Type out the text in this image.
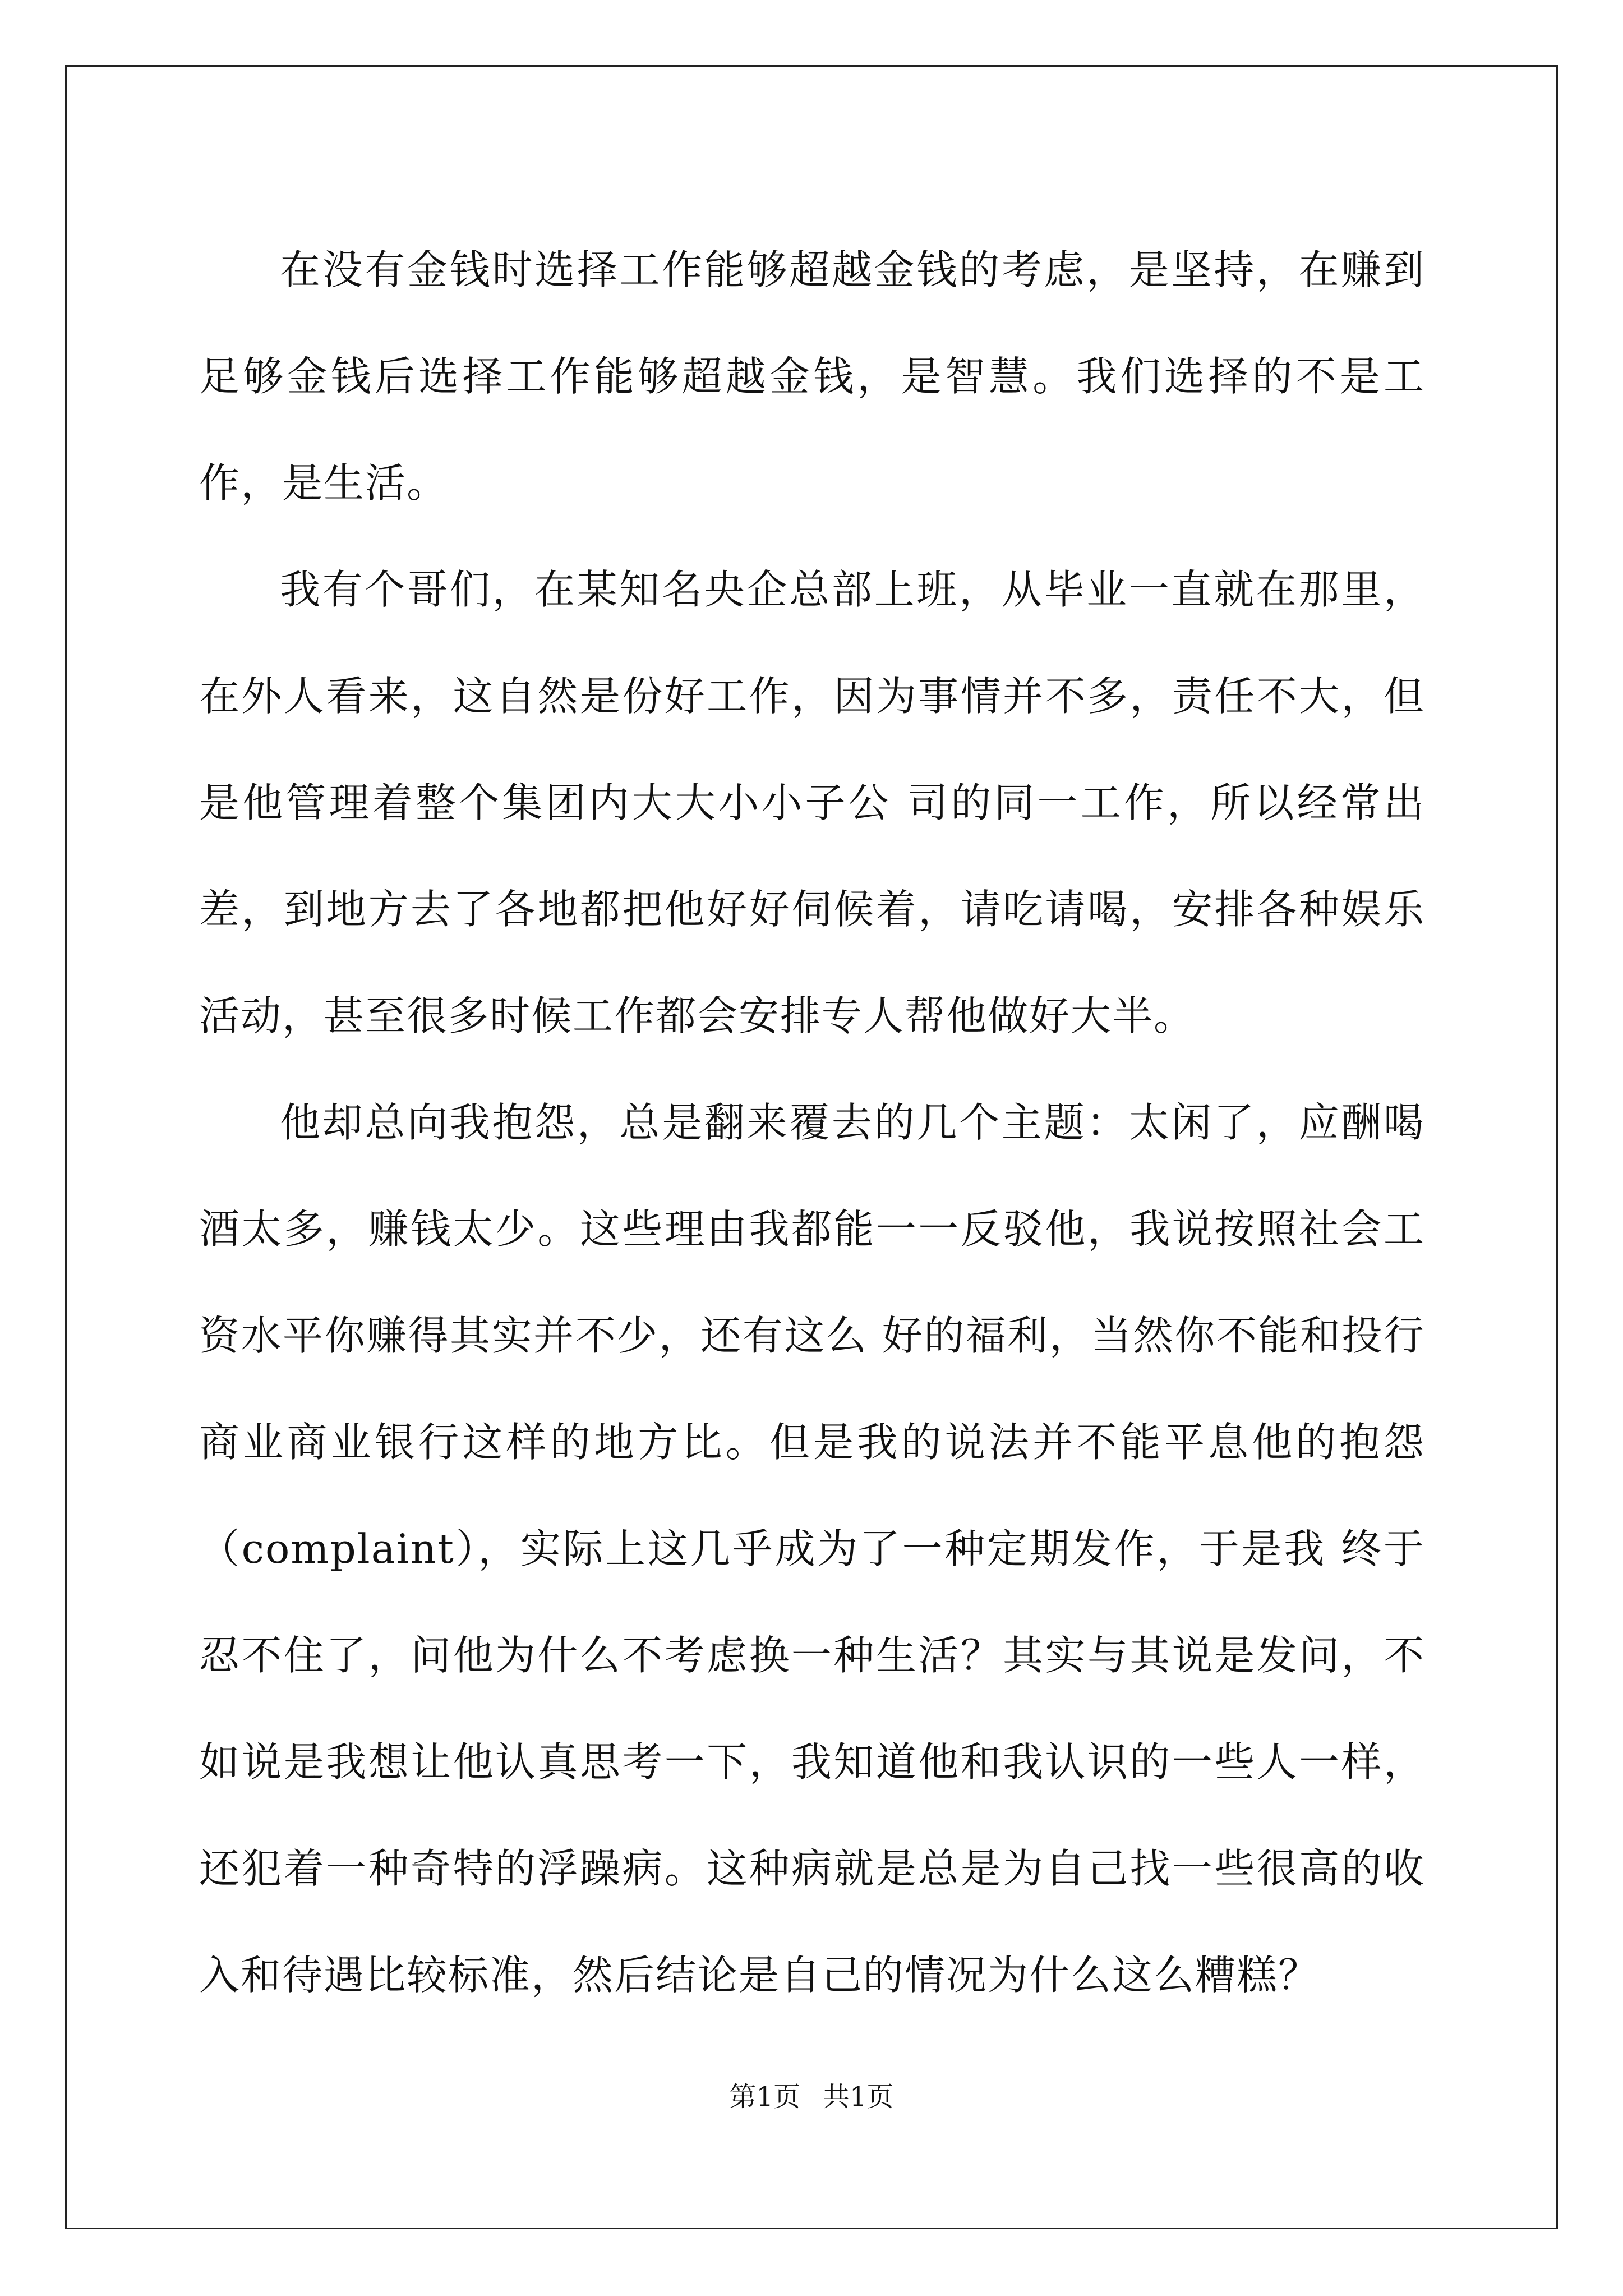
在没有金钱时选择工作能够超越金钱的考虑，是坚持，在赚到足够金钱后选择工作能够超越金钱，是智慧。我们选择的不是工作，是生活。

我有个哥们，在某知名央企总部上班，从毕业一直就在那里，在外人看来，这自然是份好工作，因为事情并不多，责任不大，但是他管理着整个集团内大大小小子公 司的同一工作，所以经常出差，到地方去了各地都把他好好伺候着，请吃请喝，安排各种娱乐活动，甚至很多时候工作都会安排专人帮他做好大半。

他却总向我抱怨，总是翻来覆去的几个主题：太闲了，应酬喝酒太多，赚钱太少。这些理由我都能一一反驳他，我说按照社会工资水平你赚得其实并不少，还有这么 好的福利，当然你不能和投行商业商业银行这样的地方比。但是我的说法并不能平息他的抱怨（complaint），实际上这几乎成为了一种定期发作，于是我 终于忍不住了，问他为什么不考虑换一种生活？其实与其说是发问，不如说是我想让他认真思考一下，我知道他和我认识的一些人一样，还犯着一种奇特的浮躁病。这种病就是总是为自己找一些很高的收入和待遇比较标准，然后结论是自己的情况为什么这么糟糕？

第1页 共1页
